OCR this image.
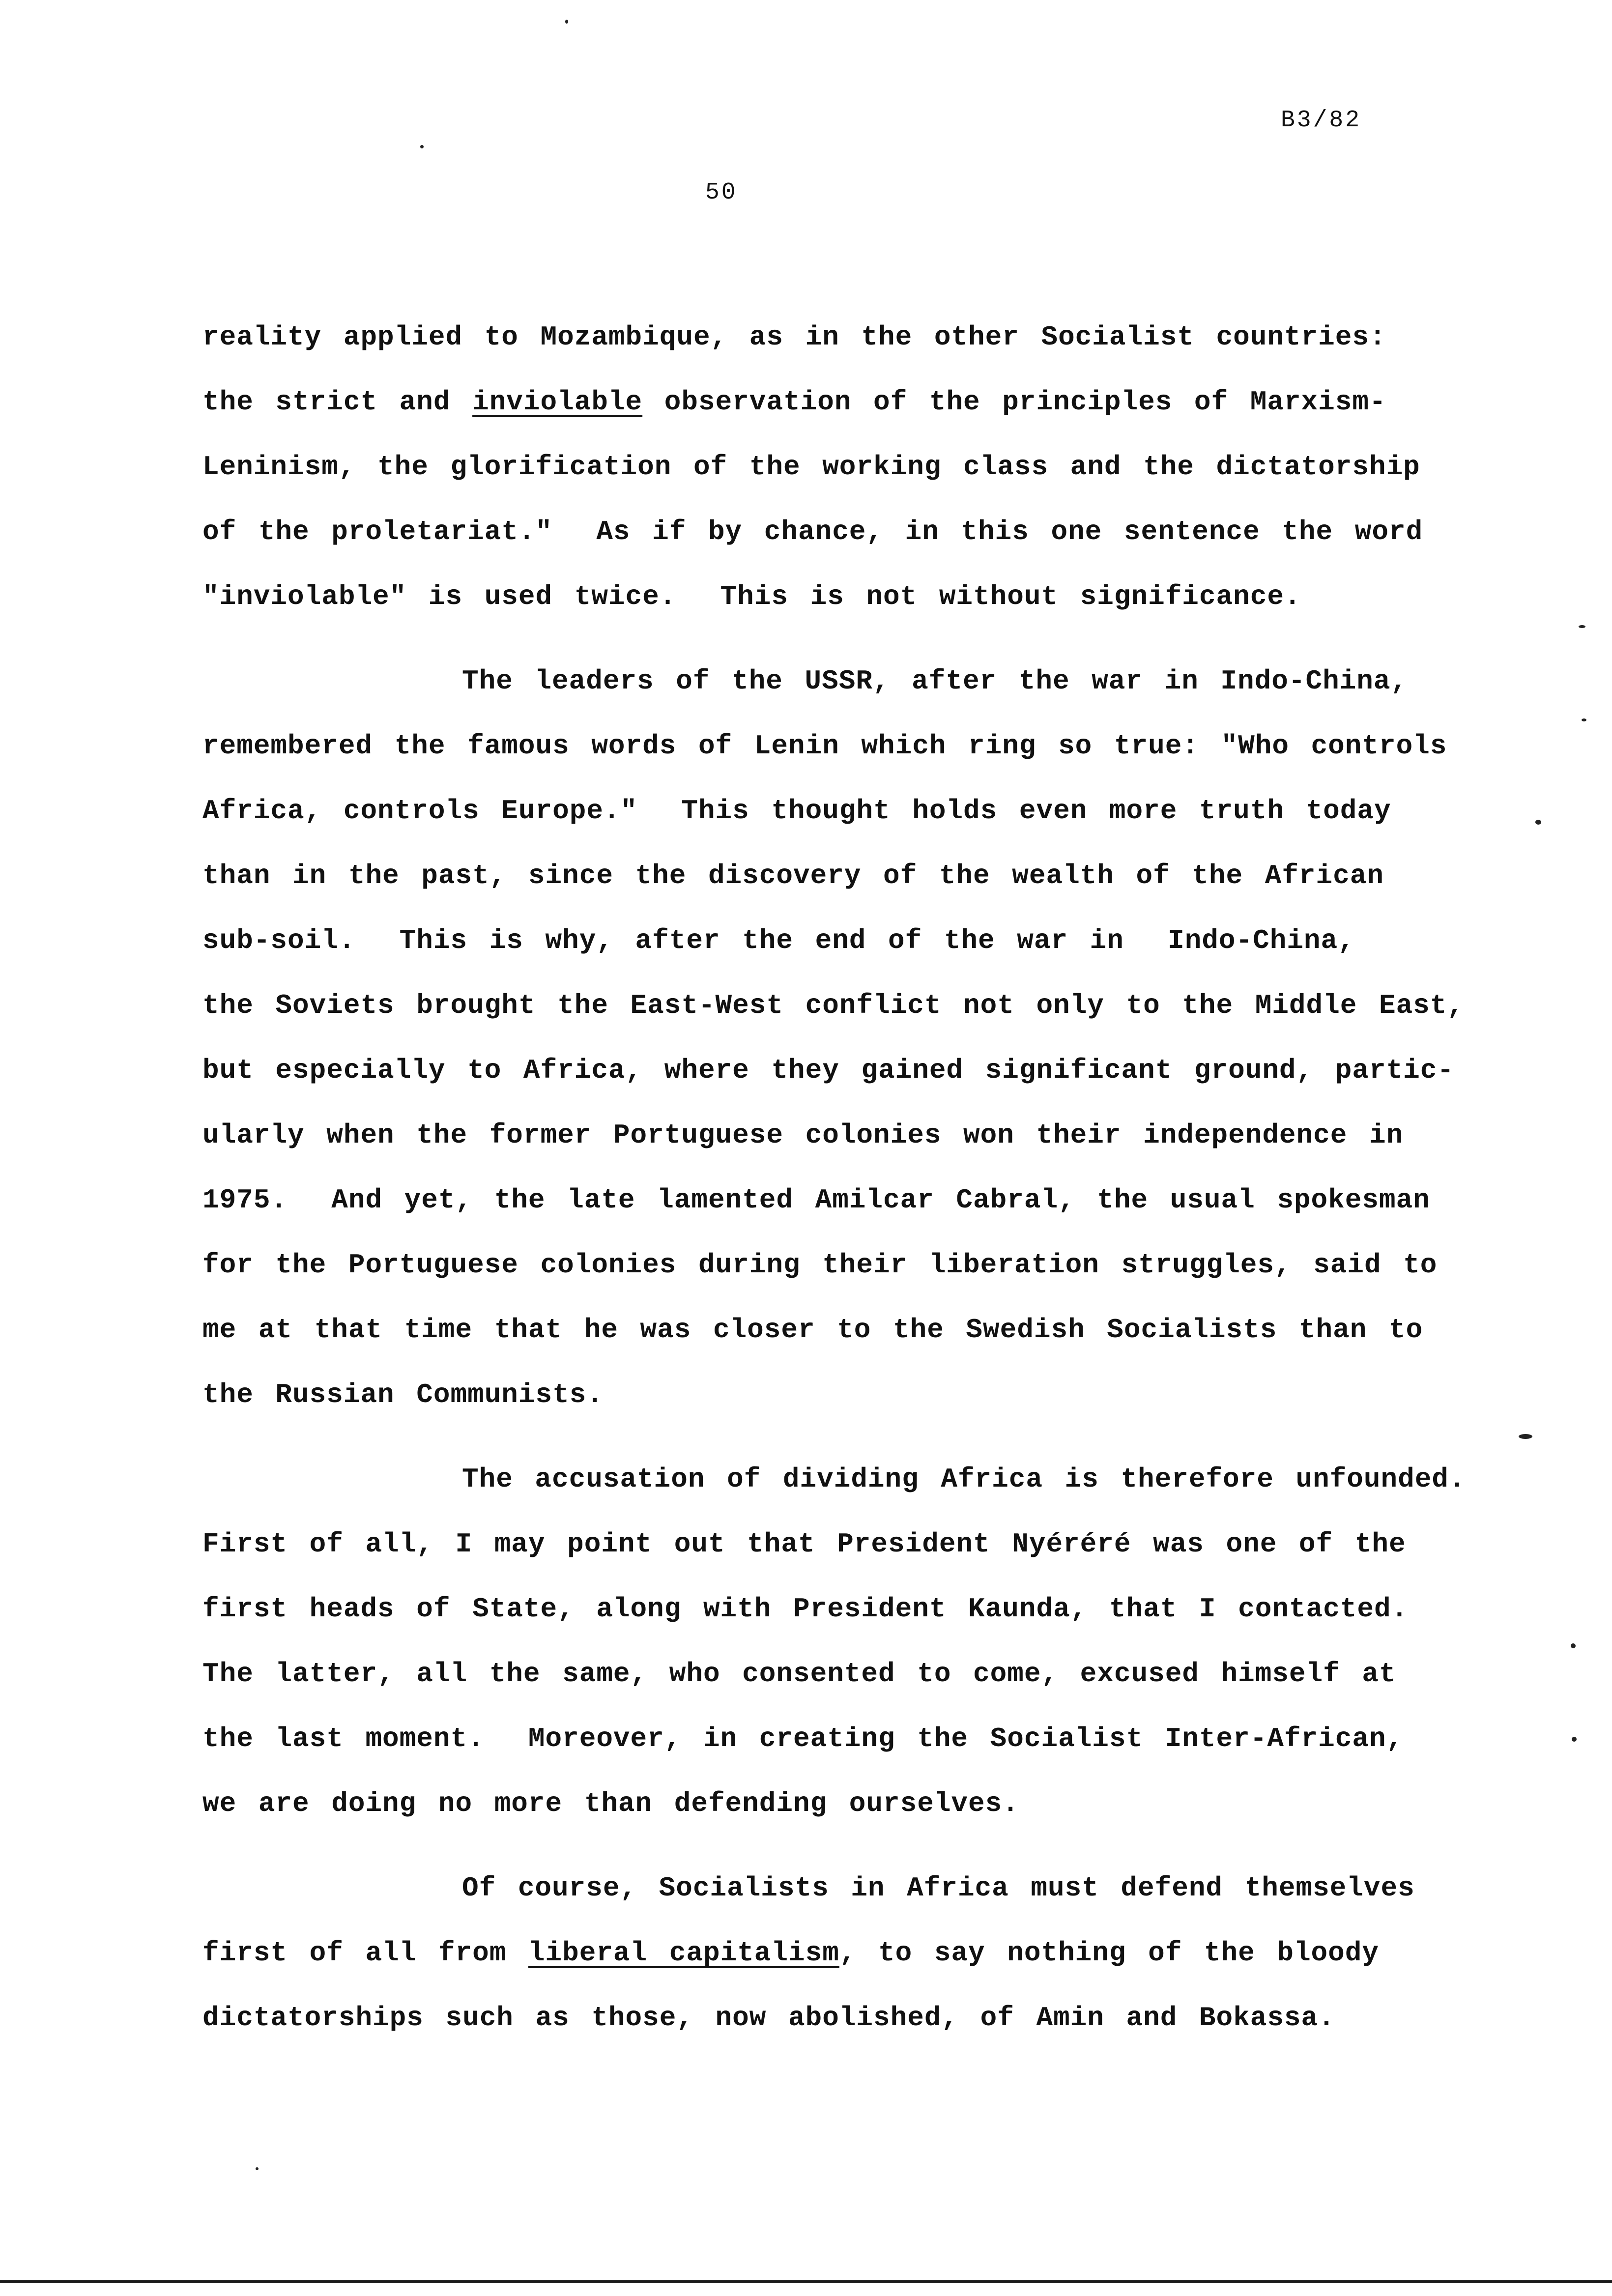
B3/82
50
reality applied to Mozambique, as in the other Socialist countries:
the strict and inviolable observation of the principles of Marxism-
Leninism, the glorification of the working class and the dictatorship
of the proletariat."  As if by chance, in this one sentence the word
"inviolable" is used twice.  This is not without significance.
The leaders of the USSR, after the war in Indo-China,
remembered the famous words of Lenin which ring so true: "Who controls
Africa, controls Europe."  This thought holds even more truth today
than in the past, since the discovery of the wealth of the African
sub-soil.  This is why, after the end of the war in  Indo-China,
the Soviets brought the East-West conflict not only to the Middle East,
but especially to Africa, where they gained significant ground, partic-
ularly when the former Portuguese colonies won their independence in
1975.  And yet, the late lamented Amilcar Cabral, the usual spokesman
for the Portuguese colonies during their liberation struggles, said to
me at that time that he was closer to the Swedish Socialists than to
the Russian Communists.
The accusation of dividing Africa is therefore unfounded.
First of all, I may point out that President Nyéréré was one of the
first heads of State, along with President Kaunda, that I contacted.
The latter, all the same, who consented to come, excused himself at
the last moment.  Moreover, in creating the Socialist Inter-African,
we are doing no more than defending ourselves.
Of course, Socialists in Africa must defend themselves
first of all from liberal capitalism, to say nothing of the bloody
dictatorships such as those, now abolished, of Amin and Bokassa.
